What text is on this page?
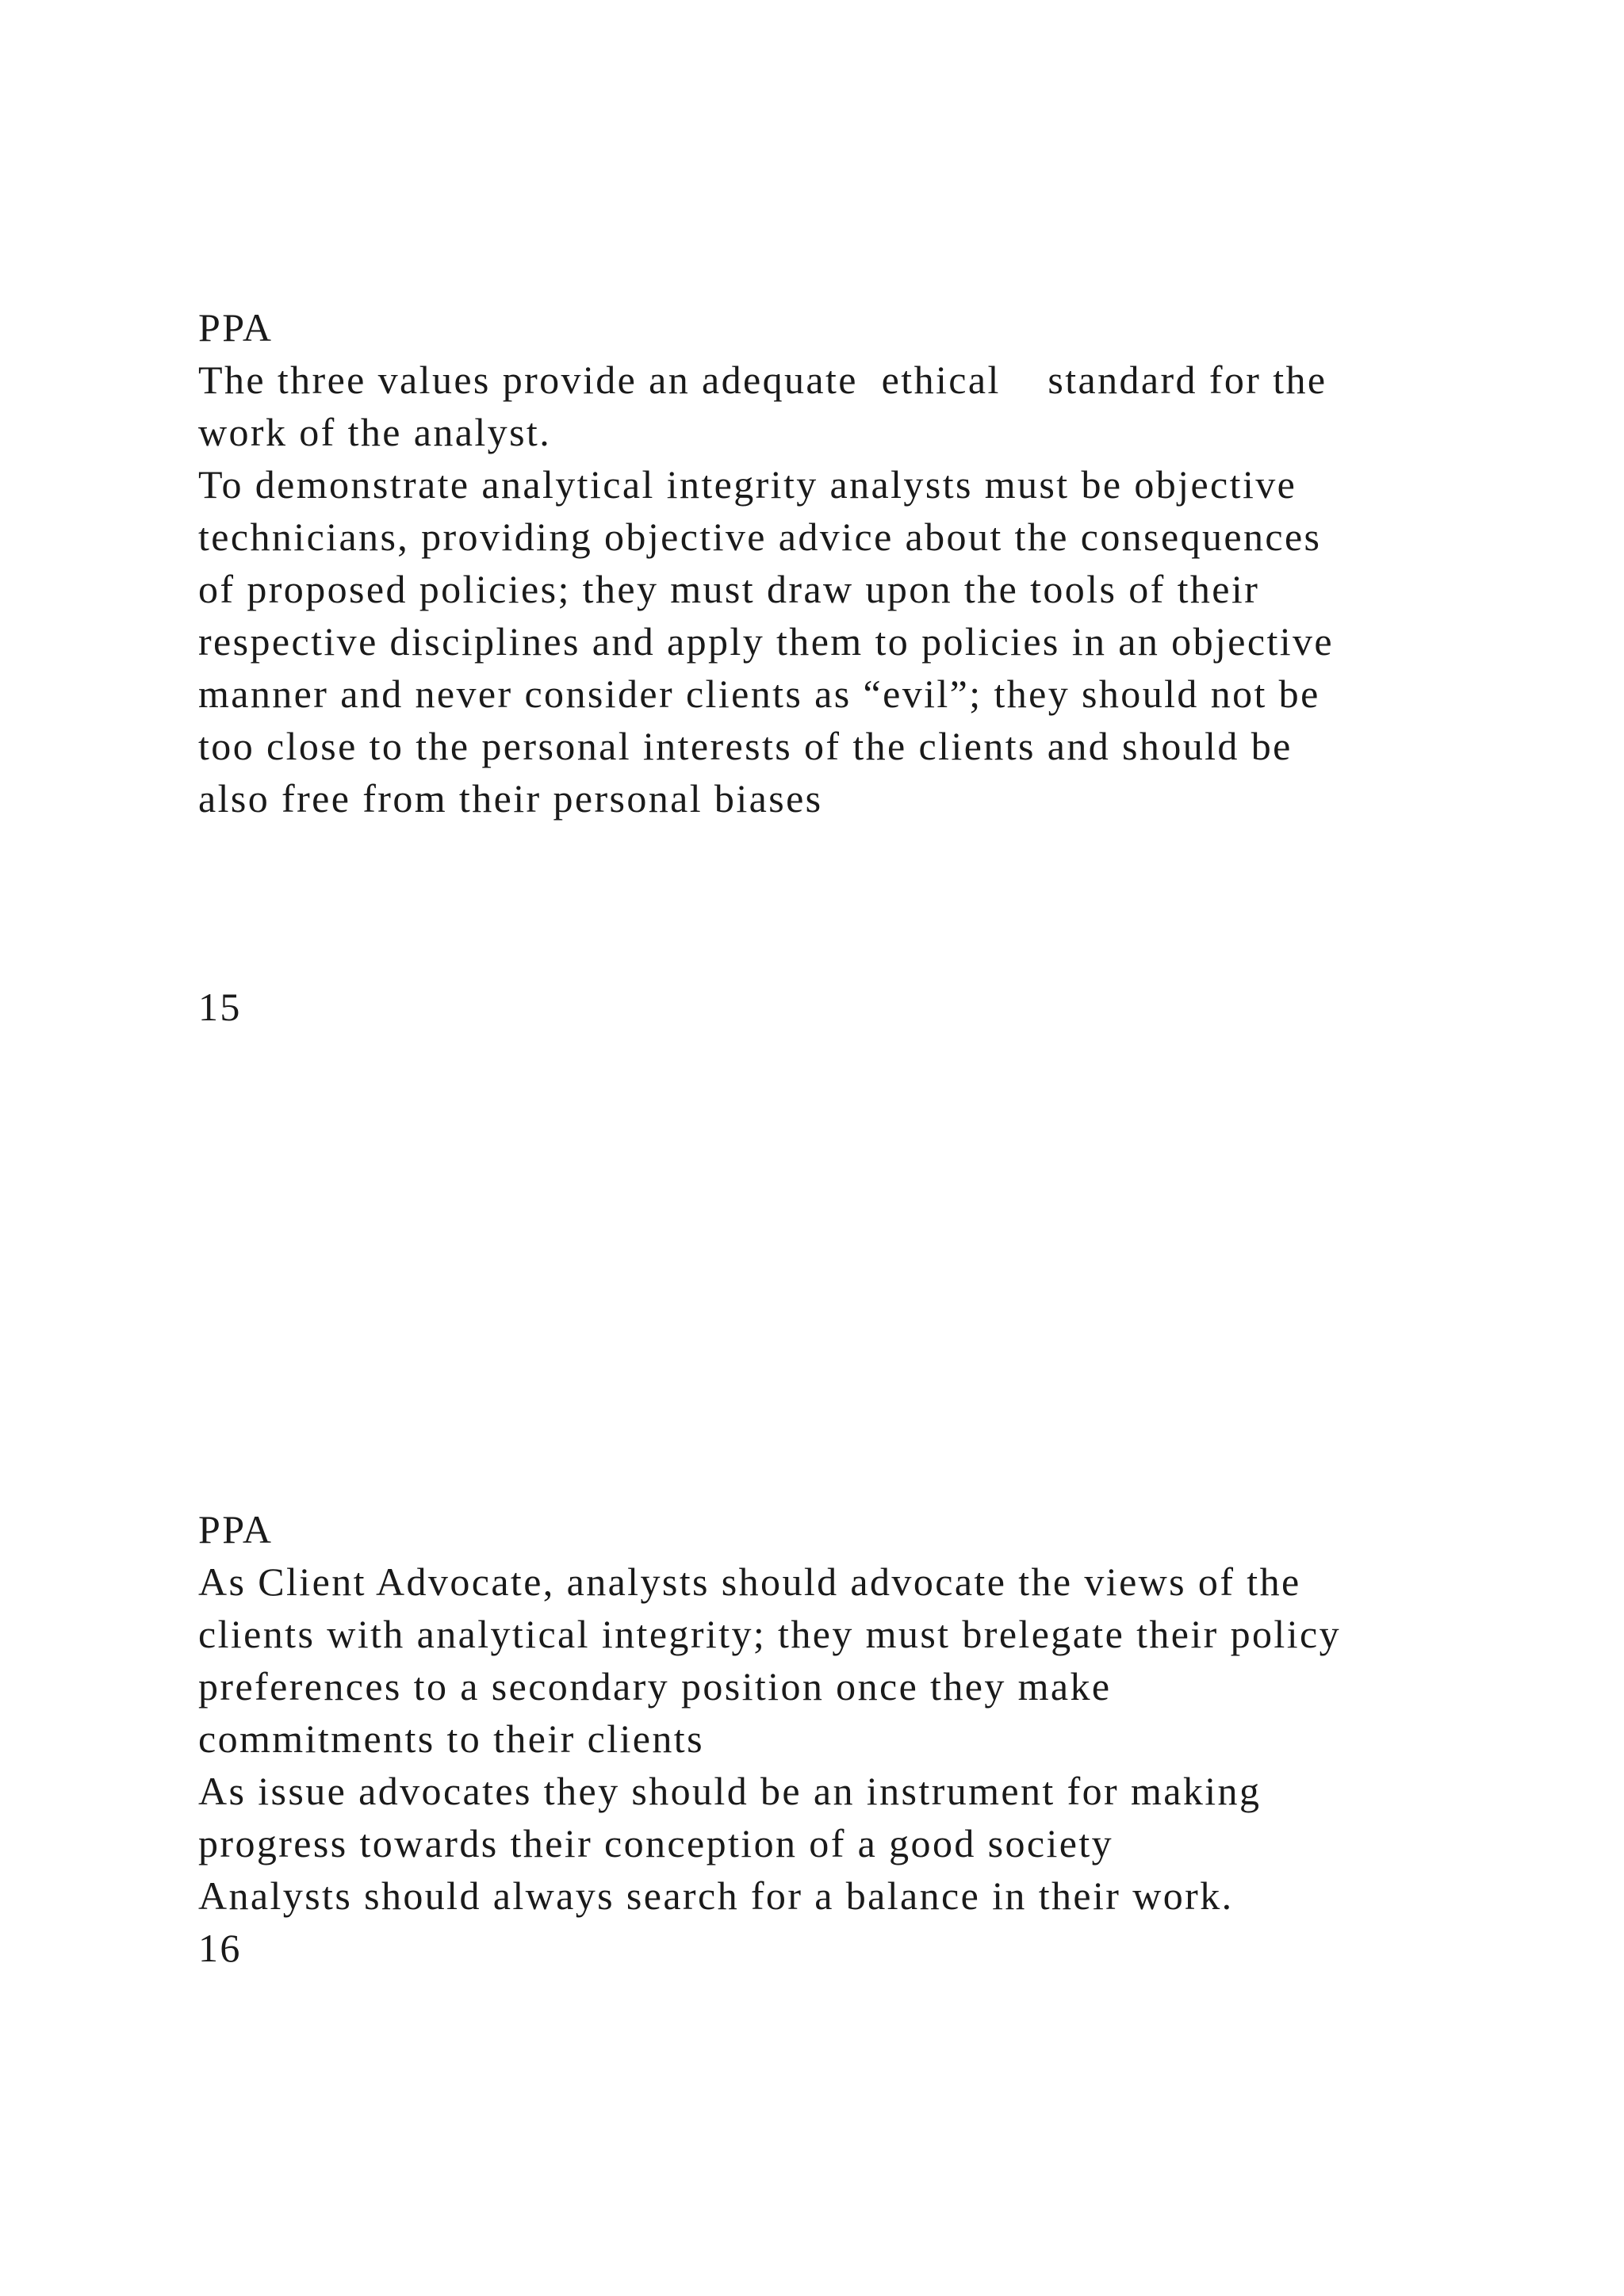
PPA
The three values provide an adequate  ethical    standard for the
work of the analyst.
To demonstrate analytical integrity analysts must be objective
technicians, providing objective advice about the consequences
of proposed policies; they must draw upon the tools of their
respective disciplines and apply them to policies in an objective
manner and never consider clients as “evil”; they should not be
too close to the personal interests of the clients and should be
also free from their personal biases
15
PPA
As Client Advocate, analysts should advocate the views of the
clients with analytical integrity; they must brelegate their policy
preferences to a secondary position once they make
commitments to their clients
As issue advocates they should be an instrument for making
progress towards their conception of a good society
Analysts should always search for a balance in their work.
16
